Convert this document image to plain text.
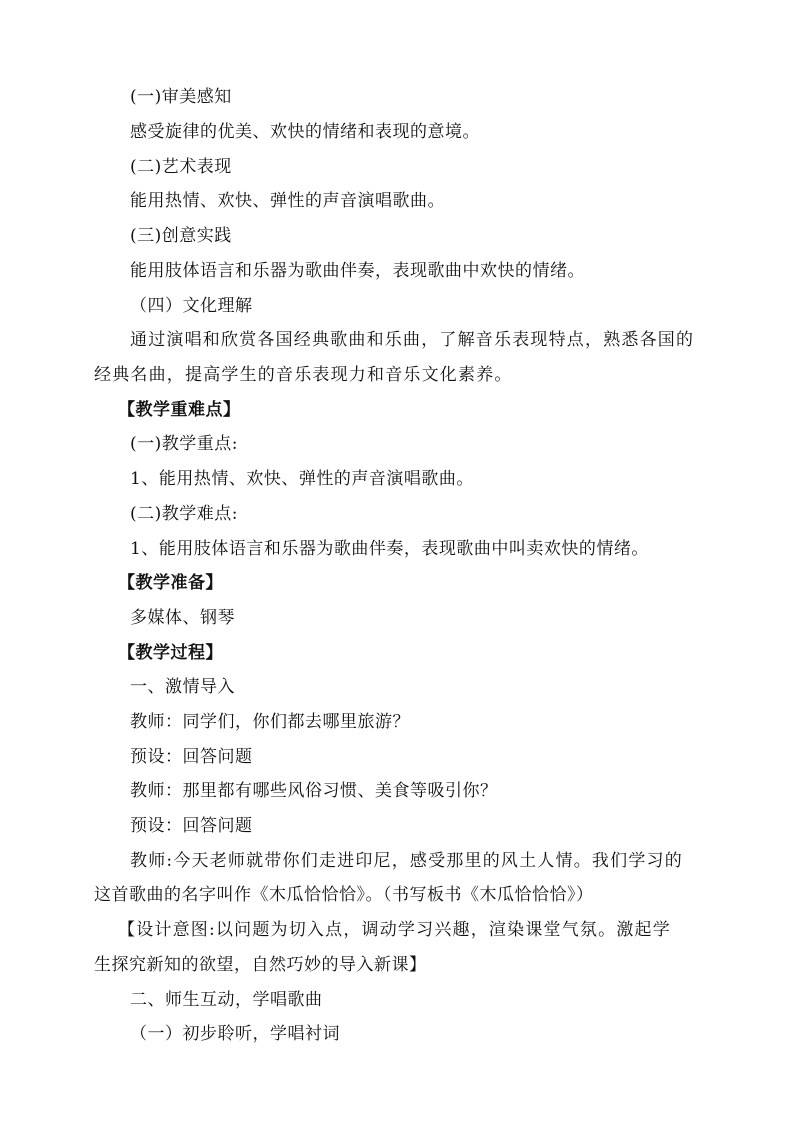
(一)审美感知
感受旋律的优美、欢快的情绪和表现的意境。
(二)艺术表现
能用热情、欢快、弹性的声音演唱歌曲。
(三)创意实践
能用肢体语言和乐器为歌曲伴奏，表现歌曲中欢快的情绪。
（四）文化理解
通过演唱和欣赏各国经典歌曲和乐曲，了解音乐表现特点，熟悉各国的
经典名曲，提高学生的音乐表现力和音乐文化素养。
【教学重难点】
(一)教学重点:
1、能用热情、欢快、弹性的声音演唱歌曲。
(二)教学难点:
1、能用肢体语言和乐器为歌曲伴奏，表现歌曲中叫卖欢快的情绪。
【教学准备】
多媒体、钢琴
【教学过程】
一、激情导入
教师：同学们，你们都去哪里旅游？
预设：回答问题
教师：那里都有哪些风俗习惯、美食等吸引你？
预设：回答问题
教师:今天老师就带你们走进印尼，感受那里的风土人情。我们学习的
这首歌曲的名字叫作《木瓜恰恰恰》。（书写板书《木瓜恰恰恰》）
【设计意图:以问题为切入点，调动学习兴趣，渲染课堂气氛。激起学
生探究新知的欲望，自然巧妙的导入新课】
二、师生互动，学唱歌曲
（一）初步聆听，学唱衬词
